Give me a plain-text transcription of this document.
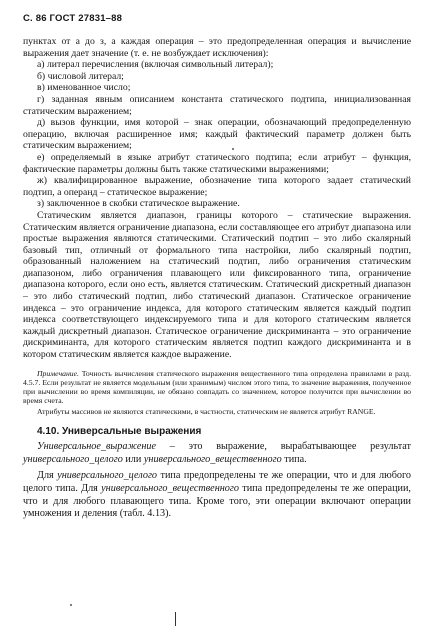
С. 86 ГОСТ 27831–88

пунктах от а до з, а каждая операция – это предопределенная операция и вычисление выражения дает значение (т. е. не возбуждает исключения):

а) литерал перечисления (включая символьный литерал);

б) числовой литерал;

в) именованное число;

г) заданная явным описанием константа статического подтипа, инициализованная статическим выражением;

д) вызов функции, имя которой – знак операции, обозначающий предопределенную операцию, включая расширенное имя; каждый фактический параметр должен быть статическим выражением;

е) определяемый в языке атрибут статического подтипа; если атрибут – функция, фактические параметры должны быть также статическими выражениями;

ж) квалифицированное выражение, обозначение типа которого задает статический подтип, а операнд – статическое выражение;

з) заключенное в скобки статическое выражение.

Статическим является диапазон, границы которого – статические выражения. Статическим является ограничение диапазона, если составляющее его атрибут диапазона или простые выражения являются статическими. Статический подтип – это либо скалярный базовый тип, отличный от формального типа настройки, либо скалярный подтип, образованный наложением на статический подтип, либо ограничения статическим диапазоном, либо ограничения плавающего или фиксированного типа, ограничение диапазона которого, если оно есть, является статическим. Статический дискретный диапазон – это либо статический подтип, либо статический диапазон. Статическое ограничение индекса – это ограничение индекса, для которого статическим является каждый подтип индекса соответствующего индексируемого типа и для которого статическим является каждый дискретный диапазон. Статическое ограничение дискриминанта – это ограничение дискриминанта, для которого статическим является подтип каждого дискриминанта и в котором статическим является каждое выражение.

Примечание. Точность вычисления статического выражения вещественного типа определена правилами в разд. 4.5.7. Если результат не является модельным (или хранимым) числом этого типа, то значение выражения, полученное при вычислении во время компиляции, не обязано совпадать со значением, которое получится при вычислении во время счета.

Атрибуты массивов не являются статическими, в частности, статическим не является атрибут RANGE.

4.10. Универсальные выражения

Универсальное_выражение – это выражение, вырабатывающее результат универсального_целого или универсального_вещественного типа.

Для универсального_целого типа предопределены те же операции, что и для любого целого типа. Для универсального_вещественного типа предопределены те же операции, что и для любого плавающего типа. Кроме того, эти операции включают операции умножения и деления (табл. 4.13).
